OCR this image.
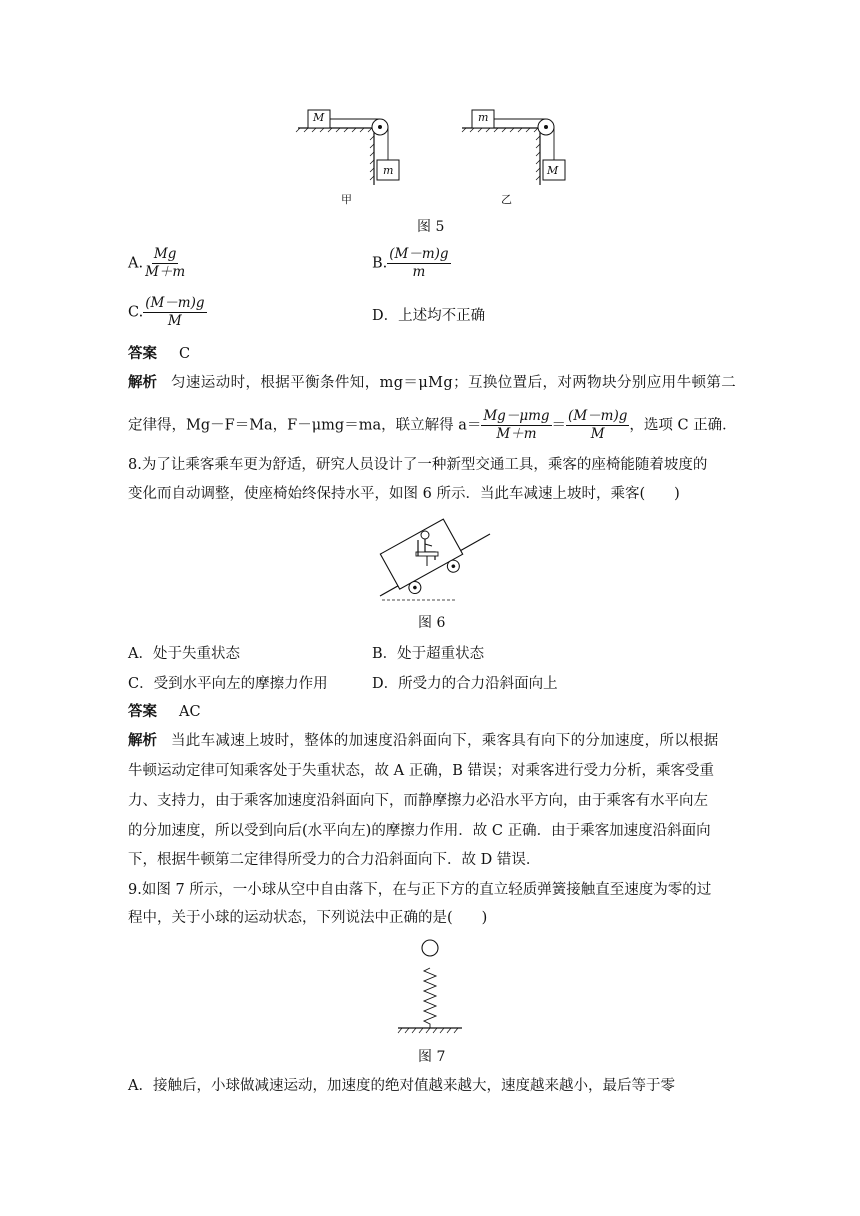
M
m
m
M
甲	乙
图 5
A. $\frac{Mg}{M+m}$	B. $\frac{(M-m)g}{m}$
C. $\frac{(M-m)g}{M}$	D．上述均不正确
答案 C
解析 匀速运动时，根据平衡条件知，mg＝μMg；互换位置后，对两物块分别应用牛顿第二
定律得，Mg－F＝Ma，F－μmg＝ma，联立解得 $a= \frac{\text{Mg－μmg}}{M+m} = \frac{(M-m)g}{M}$ ，选项 C 正确．
8.为了让乘客乘车更为舒适，研究人员设计了一种新型交通工具，乘客的座椅能随着坡度的
变化而自动调整，使座椅始终保持水平，如图 6 所示．当此车减速上坡时，乘客(　　)
图 6
A．处于失重状态	B．处于超重状态
C．受到水平向左的摩擦力作用	D．所受力的合力沿斜面向上
答案 AC
解析 当此车减速上坡时，整体的加速度沿斜面向下，乘客具有向下的分加速度，所以根据
牛顿运动定律可知乘客处于失重状态，故 A 正确，B 错误；对乘客进行受力分析，乘客受重
力、支持力，由于乘客加速度沿斜面向下，而静摩擦力必沿水平方向，由于乘客有水平向左
的分加速度，所以受到向后(水平向左)的摩擦力作用．故 C 正确．由于乘客加速度沿斜面向
下，根据牛顿第二定律得所受力的合力沿斜面向下．故 D 错误．
9.如图 7 所示，一小球从空中自由落下，在与正下方的直立轻质弹簧接触直至速度为零的过
程中，关于小球的运动状态，下列说法中正确的是(　　)
图 7
A．接触后，小球做减速运动，加速度的绝对值越来越大，速度越来越小，最后等于零
